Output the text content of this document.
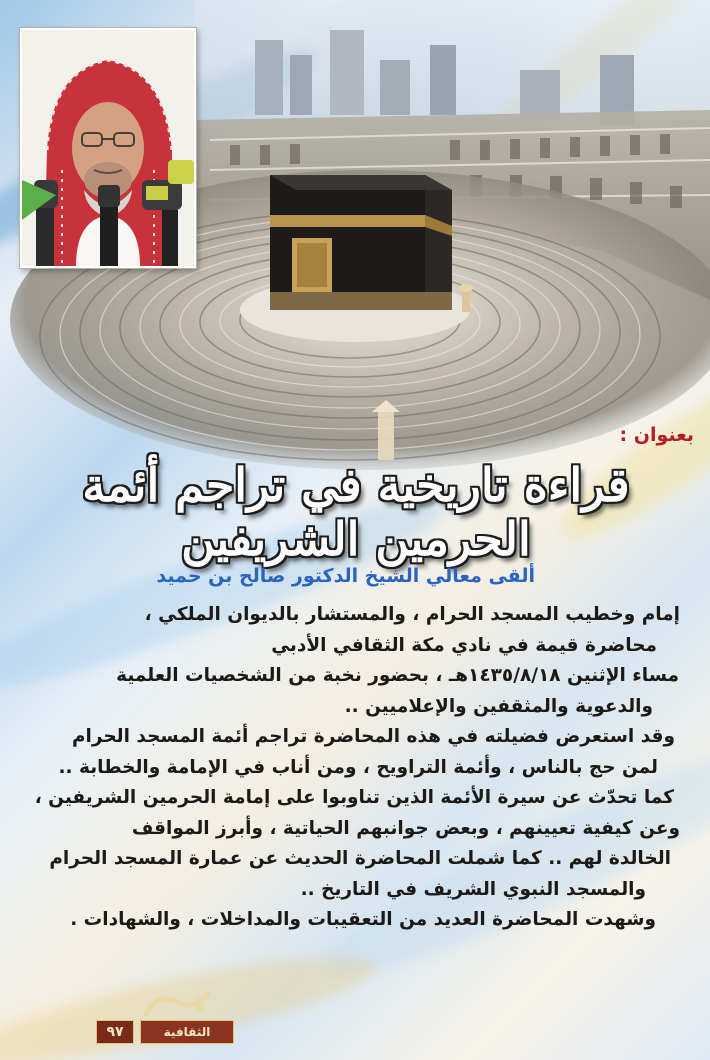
بعنوان :
قراءة تاريخية في تراجم أئمة الحرمين الشريفين
ألقى معالي الشيخ الدكتور صالح بن حميد
إمام وخطيب المسجد الحرام ، والمستشار بالديوان الملكي ،
محاضرة قيمة في نادي مكة الثقافي الأدبي
مساء الإثنين ١٤٣٥/٨/١٨هـ ، بحضور نخبة من الشخصيات العلمية
والدعوية والمثقفين والإعلاميين ..
وقد استعرض فضيلته في هذه المحاضرة تراجم أئمة المسجد الحرام
لمن حج بالناس ، وأئمة التراويح ، ومن أناب في الإمامة والخطابة ..
كما تحدّث عن سيرة الأئمة الذين تناوبوا على إمامة الحرمين الشريفين ،
وعن كيفية تعيينهم ، وبعض جوانبهم الحياتية ، وأبرز المواقف
الخالدة لهم .. كما شملت المحاضرة الحديث عن عمارة المسجد الحرام
والمسجد النبوي الشريف في التاريخ ..
وشهدت المحاضرة العديد من التعقيبات والمداخلات ، والشهادات .
٩٧	الثقافية
